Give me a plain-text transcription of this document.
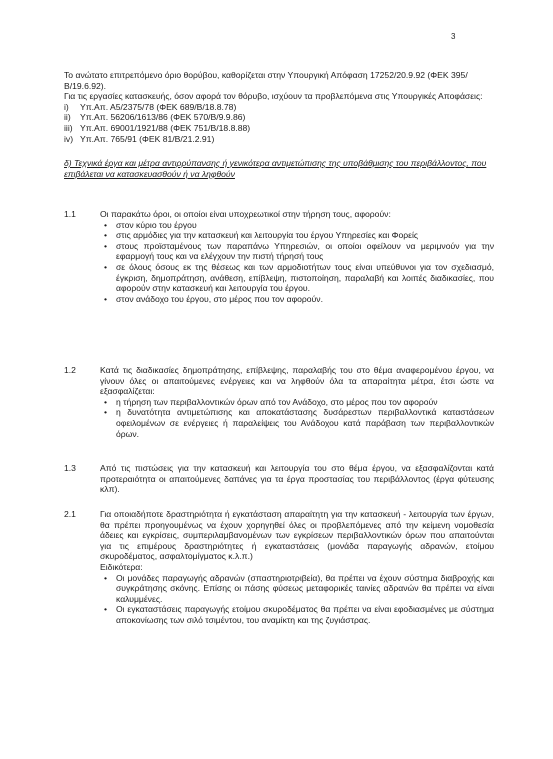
3

Το ανώτατο επιτρεπόμενο όριο θορύβου, καθορίζεται στην Υπουργική Απόφαση 17252/20.9.92 (ΦΕΚ 395/Β/19.6.92).

Για τις εργασίες κατασκευής, όσον αφορά τον θόρυβο, ισχύουν τα προβλεπόμενα στις Υπουργικές Αποφάσεις:

i)	Υπ.Απ. Α5/2375/78 (ΦΕΚ 689/Β/18.8.78)
ii)	Υπ.Απ. 56206/1613/86 (ΦΕΚ 570/Β/9.9.86)
iii) Υπ.Απ. 69001/1921/88 (ΦΕΚ 751/Β/18.8.88)
iv) Υπ.Απ. 765/91 (ΦΕΚ 81/Β/21.2.91)
δ) Τεχνικά έργα και μέτρα αντιρρύπανσης ή γενικότερα αντιμετώπισης της υποβάθμισης του περιβάλλοντος, που επιβάλεται να κατασκευασθούν ή να ληφθούν
1.1	Οι παρακάτω όροι, οι οποίοι είναι υποχρεωτικοί στην τήρηση τους, αφορούν:

• στον κύριο του έργου
• στις αρμόδιες για την κατασκευή και λειτουργία του έργου Υπηρεσίες και Φορείς
• στους προϊσταμένους των παραπάνω Υπηρεσιών, οι οποίοι οφείλουν να μεριμνούν για την εφαρμογή τους και να ελέγχουν την πιστή τήρησή τους
• σε όλους όσους εκ της θέσεως και των αρμοδιοτήτων τους είναι υπεύθυνοι για τον σχεδιασμό, έγκριση, δημοπράτηση, ανάθεση, επίβλεψη, πιστοποίηση, παραλαβή και λοιπές διαδικασίες, που αφορούν στην κατασκευή και λειτουργία του έργου.
• στον ανάδοχο του έργου, στο μέρος που τον αφορούν.
1.2	Κατά τις διαδικασίες δημοπράτησης, επίβλεψης, παραλαβής του στο θέμα αναφερομένου έργου, να γίνουν όλες οι απαιτούμενες ενέργειες και να ληφθούν όλα τα απαραίτητα μέτρα, έτσι ώστε να εξασφαλίζεται:

• η τήρηση των περιβαλλοντικών όρων από τον Ανάδοχο, στο μέρος που τον αφορούν
• η δυνατότητα αντιμετώπισης και αποκατάστασης δυσάρεστων περιβαλλοντικά καταστάσεων οφειλομένων σε ενέργειες ή παραλείψεις του Ανάδοχου κατά παράβαση των περιβαλλοντικών όρων.
1.3	Από τις πιστώσεις για την κατασκευή και λειτουργία του στο θέμα έργου, να εξασφαλίζονται κατά προτεραιότητα οι απαιτούμενες δαπάνες για τα έργα προστασίας του περιβάλλοντος (έργα φύτευσης κλπ).

2.1	Για οποιαδήποτε δραστηριότητα ή εγκατάσταση απαραίτητη για την κατασκευή - λειτουργία των έργων, θα πρέπει προηγουμένως να έχουν χορηγηθεί όλες οι προβλεπόμενες από την κείμενη νομοθεσία άδειες και εγκρίσεις, συμπεριλαμβανομένων των εγκρίσεων περιβαλλοντικών όρων που απαιτούνται για τις επιμέρους δραστηριότητες ή εγκαταστάσεις (μονάδα παραγωγής αδρανών, ετοίμου σκυροδέματος, ασφαλτομίγματος κ.λ.π.)

Ειδικότερα:

• Οι μονάδες παραγωγής αδρανών (σπαστηριοτριβεία), θα πρέπει να έχουν σύστημα διαβροχής και συγκράτησης σκόνης. Επίσης οι πάσης φύσεως μεταφορικές ταινίες αδρανών θα πρέπει να είναι καλυμμένες.
• Οι εγκαταστάσεις παραγωγής ετοίμου σκυροδέματος θα πρέπει να είναι εφοδιασμένες με σύστημα αποκονίωσης των σιλό τσιμέντου, του αναμίκτη και της ζυγιάστρας.
